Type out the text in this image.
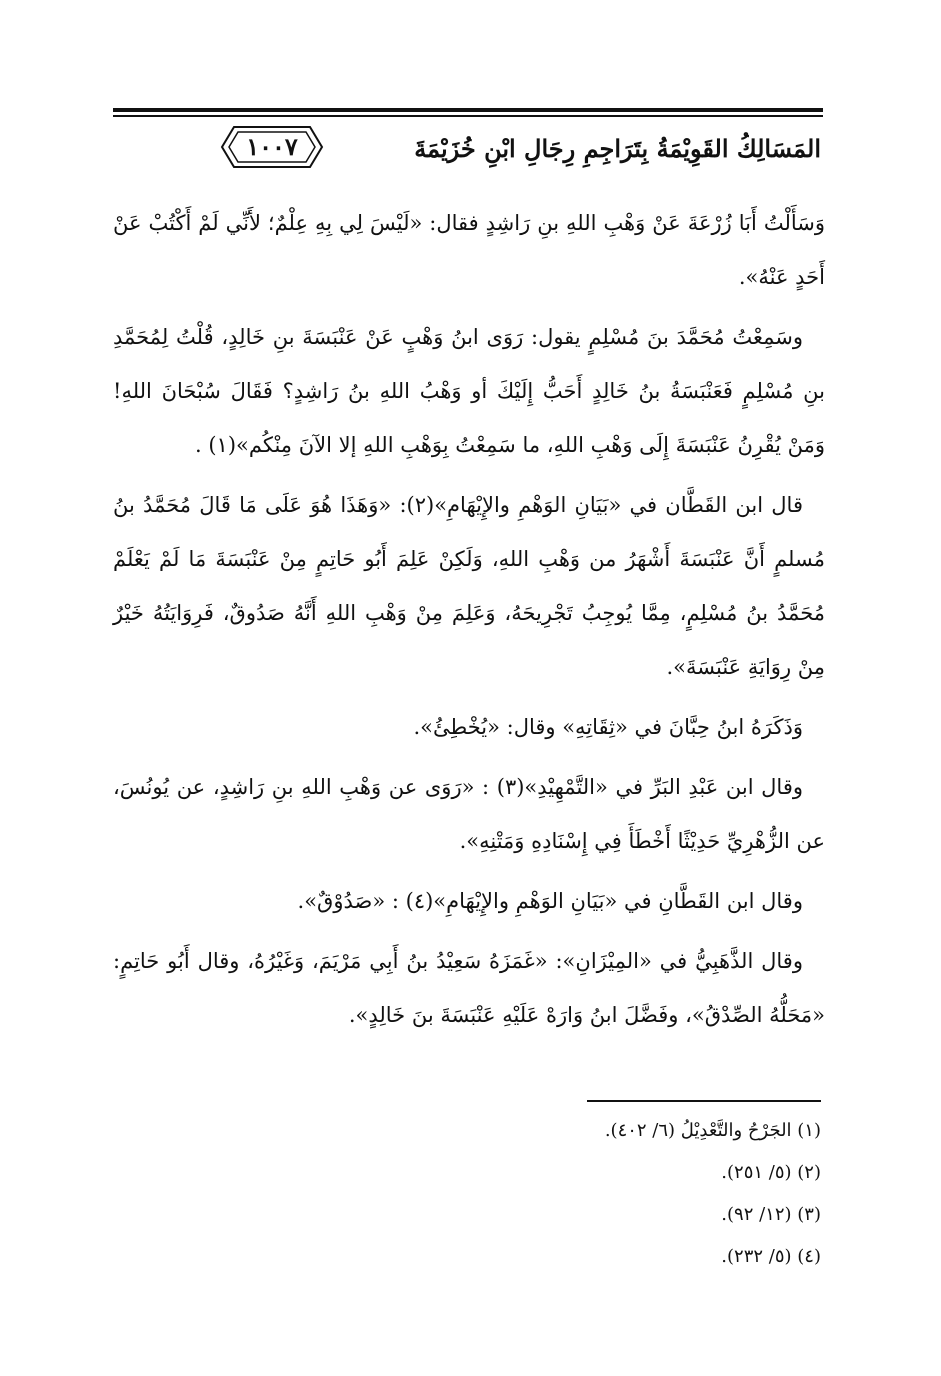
المَسَالِكُ القَوِيْمَةُ بِتَرَاجِمِ رِجَالِ ابْنِ خُزَيْمَةَ
١٠٠٧

وَسَأَلْتُ أَبَا زُرْعَةَ عَنْ وَهْبِ اللهِ بنِ رَاشِدٍ فقال: «لَيْسَ لِي بِهِ عِلْمٌ؛ لأَنِّي لَمْ أَكْتُبْ عَنْ أَحَدٍ عَنْهُ».

وسَمِعْتُ مُحَمَّدَ بنَ مُسْلِمٍ يقول: رَوَى ابنُ وَهْبٍ عَنْ عَنْبَسَةَ بنِ خَالِدٍ، قُلْتُ لِمُحَمَّدِ بنِ مُسْلِمٍ فَعَنْبَسَةُ بنُ خَالِدٍ أَحَبُّ إِلَيْكَ أو وَهْبُ اللهِ بنُ رَاشِدٍ؟ فَقَالَ سُبْحَانَ اللهِ! وَمَنْ يُقْرِنُ عَنْبَسَةَ إِلَى وَهْبِ اللهِ، ما سَمِعْتُ بِوَهْبِ اللهِ إلا الآنَ مِنْكُم»(١) .

قال ابن القَطَّان في «بَيَانِ الوَهْمِ والإِيْهَامِ»(٢): «وَهَذَا هُوَ عَلَى مَا قَالَ مُحَمَّدُ بنُ مُسلمٍ أَنَّ عَنْبَسَةَ أَشْهَرُ من وَهْبِ اللهِ، وَلَكِنْ عَلِمَ أَبُو حَاتِمٍ مِنْ عَنْبَسَةَ مَا لَمْ يَعْلَمْ مُحَمَّدُ بنُ مُسْلِمٍ، مِمَّا يُوجِبُ تَجْرِيحَهُ، وَعَلِمَ مِنْ وَهْبِ اللهِ أَنَّهُ صَدُوقٌ، فَرِوَايَتُهُ خَيْرٌ مِنْ رِوَايَةِ عَنْبَسَةَ».

وَذَكَرَهُ ابنُ حِبَّانَ في «ثِقَاتِهِ» وقال: «يُخْطِئُ».

وقال ابن عَبْدِ البَرِّ في «التَّمْهِيْدِ»(٣) : «رَوَى عن وَهْبِ اللهِ بنِ رَاشِدٍ، عن يُونُسَ، عن الزُّهْرِيِّ حَدِيْثًا أَخْطَأَ فِي إِسْنَادِهِ وَمَتْنِهِ».

وقال ابن القَطَّانِ في «بَيَانِ الوَهْمِ والإِيْهَامِ»(٤) : «صَدُوْقٌ».

وقال الذَّهَبِيُّ في «المِيْزَانِ»: «غَمَزَهُ سَعِيْدُ بنُ أَبِي مَرْيَمَ، وَغَيْرُهُ، وقال أَبُو حَاتِمٍ: «مَحَلُّهُ الصِّدْقُ»، وفَضَّلَ ابنُ وَارَهْ عَلَيْهِ عَنْبَسَةَ بنَ خَالِدٍ».

(١) الجَرْحُ والتَّعْدِيْلُ (٦/ ٤٠٢).
(٢) (٥/ ٢٥١).
(٣) (١٢/ ٩٢).
(٤) (٥/ ٢٣٢).
